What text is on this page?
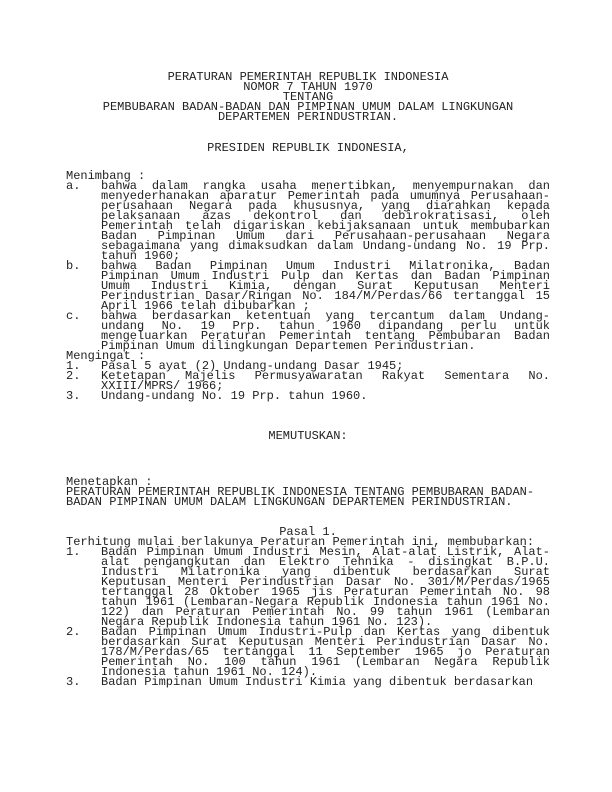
PERATURAN PEMERINTAH REPUBLIK INDONESIA
NOMOR 7 TAHUN 1970
TENTANG
PEMBUBARAN BADAN-BADAN DAN PIMPINAN UMUM DALAM LINGKUNGAN
DEPARTEMEN PERINDUSTRIAN.
PRESIDEN REPUBLIK INDONESIA,
Menimbang :
a. bahwa dalam rangka usaha menertibkan, menyempurnakan dan
menyederhanakan aparatur Pemerintah pada umumnya Perusahaan-
perusahaan Negara pada khususnya, yang diarahkan kepada
pelaksanaan azas dekontrol dan debirokratisasi, oleh
Pemerintah telah digariskan kebijaksanaan untuk membubarkan
Badan Pimpinan Umum dari Perusahaan-perusahaan Negara
sebagaimana yang dimaksudkan dalam Undang-undang No. 19 Prp.
tahun 1960;
b. bahwa Badan Pimpinan Umum Industri Milatronika, Badan
Pimpinan Umum Industri Pulp dan Kertas dan Badan Pimpinan
Umum Industri Kimia, dengan Surat Keputusan Menteri
Perindustrian Dasar/Ringan No. 184/M/Perdas/66 tertanggal 15
April 1966 telah dibubarkan ;
c. bahwa berdasarkan ketentuan yang tercantum dalam Undang-
undang No. 19 Prp. tahun 1960 dipandang perlu untuk
mengeluarkan Peraturan Pemerintah tentang Pembubaran Badan
Pimpinan Umum dilingkungan Departemen Perindustrian.
Mengingat :
1. Pasal 5 ayat (2) Undang-undang Dasar 1945;
2. Ketetapan Majelis Permusyawaratan Rakyat Sementara No.
XXIII/MPRS/ 1966;
3. Undang-undang No. 19 Prp. tahun 1960.
MEMUTUSKAN:
Menetapkan :
PERATURAN PEMERINTAH REPUBLIK INDONESIA TENTANG PEMBUBARAN BADAN-
BADAN PIMPINAN UMUM DALAM LINGKUNGAN DEPARTEMEN PERINDUSTRIAN.
Pasal 1.
Terhitung mulai berlakunya Peraturan Pemerintah ini, membubarkan:
1. Badan Pimpinan Umum Industri Mesin, Alat-alat Listrik, Alat-
alat pengangkutan dan Elektro Tehnika - disingkat B.P.U.
Industri Milatronika yang dibentuk berdasarkan Surat
Keputusan Menteri Perindustrian Dasar No. 301/M/Perdas/1965
tertanggal 28 Oktober 1965 jis Peraturan Pemerintah No. 98
tahun 1961 (Lembaran-Negara Republik Indonesia tahun 1961 No.
122) dan Peraturan Pemerintah No. 99 tahun 1961 (Lembaran
Negara Republik Indonesia tahun 1961 No. 123).
2. Badan Pimpinan Umum Industri-Pulp dan Kertas yang dibentuk
berdasarkan Surat Keputusan Menteri Perindustrian Dasar No.
178/M/Perdas/65 tertanggal 11 September 1965 jo Peraturan
Pemerintah No. 100 tahun 1961 (Lembaran Negara Republik
Indonesia tahun 1961 No. 124).
3. Badan Pimpinan Umum Industri Kimia yang dibentuk berdasarkan
